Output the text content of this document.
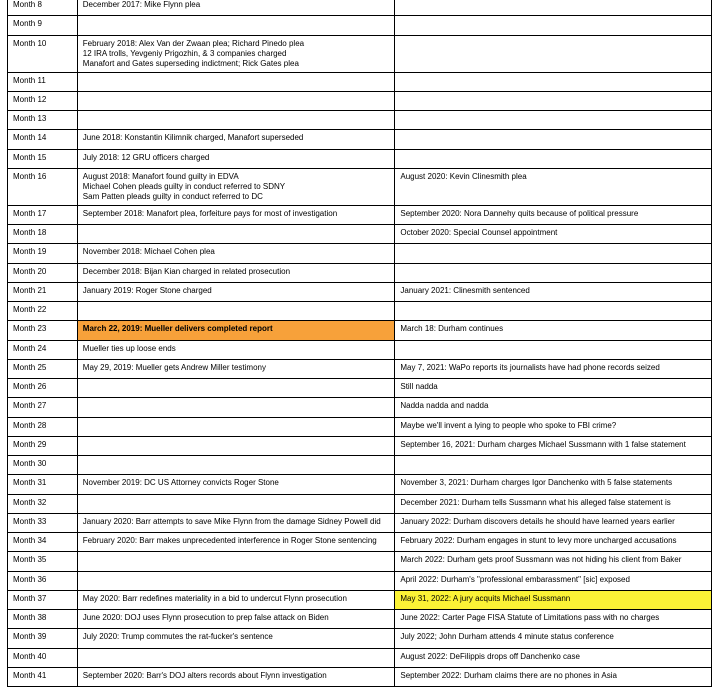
Month 8	December 2017: Mike Flynn plea	
Month 9		
Month 10	February 2018: Alex Van der Zwaan plea; Richard Pinedo plea
12 IRA trolls, Yevgeniy Prigozhin, & 3 companies charged
Manafort and Gates superseding indictment; Rick Gates plea	
Month 11		
Month 12		
Month 13		
Month 14	June 2018: Konstantin Kilimnik charged, Manafort superseded	
Month 15	July 2018: 12 GRU officers charged	
Month 16	August 2018: Manafort found guilty in EDVA
Michael Cohen pleads guilty in conduct referred to SDNY
Sam Patten pleads guilty in conduct referred to DC	August 2020: Kevin Clinesmith plea
Month 17	September 2018: Manafort plea, forfeiture pays for most of investigation	September 2020: Nora Dannehy quits because of political pressure
Month 18		October 2020: Special Counsel appointment
Month 19	November 2018: Michael Cohen plea	
Month 20	December 2018: Bijan Kian charged in related prosecution	
Month 21	January 2019: Roger Stone charged	January 2021: Clinesmith sentenced
Month 22		
Month 23	March 22, 2019: Mueller delivers completed report	March 18: Durham continues
Month 24	Mueller ties up loose ends	
Month 25	May 29, 2019: Mueller gets Andrew Miller testimony	May 7, 2021: WaPo reports its journalists have had phone records seized
Month 26		Still nadda
Month 27		Nadda nadda and nadda
Month 28		Maybe we'll invent a lying to people who spoke to FBI crime?
Month 29		September 16, 2021: Durham charges Michael Sussmann with 1 false statement
Month 30		
Month 31	November 2019: DC US Attorney convicts Roger Stone	November 3, 2021: Durham charges Igor Danchenko with 5 false statements
Month 32		December 2021: Durham tells Sussmann what his alleged false statement is
Month 33	January 2020: Barr attempts to save Mike Flynn from the damage Sidney Powell did	January 2022: Durham discovers details he should have learned years earlier
Month 34	February 2020: Barr makes unprecedented interference in Roger Stone sentencing	February 2022: Durham engages in stunt to levy more uncharged accusations
Month 35		March 2022: Durham gets proof Sussmann was not hiding his client from Baker
Month 36		April 2022: Durham's "professional embarassment" [sic] exposed
Month 37	May 2020: Barr redefines materiality in a bid to undercut Flynn prosecution	May 31, 2022: A jury acquits Michael Sussmann
Month 38	June 2020: DOJ uses Flynn prosecution to prep false attack on Biden	June 2022: Carter Page FISA Statute of Limitations pass with no charges
Month 39	July 2020: Trump commutes the rat-fucker's sentence	July 2022; John Durham attends 4 minute status conference
Month 40		August 2022: DeFilippis drops off Danchenko case
Month 41	September 2020: Barr's DOJ alters records about Flynn investigation	September 2022: Durham claims there are no phones in Asia
